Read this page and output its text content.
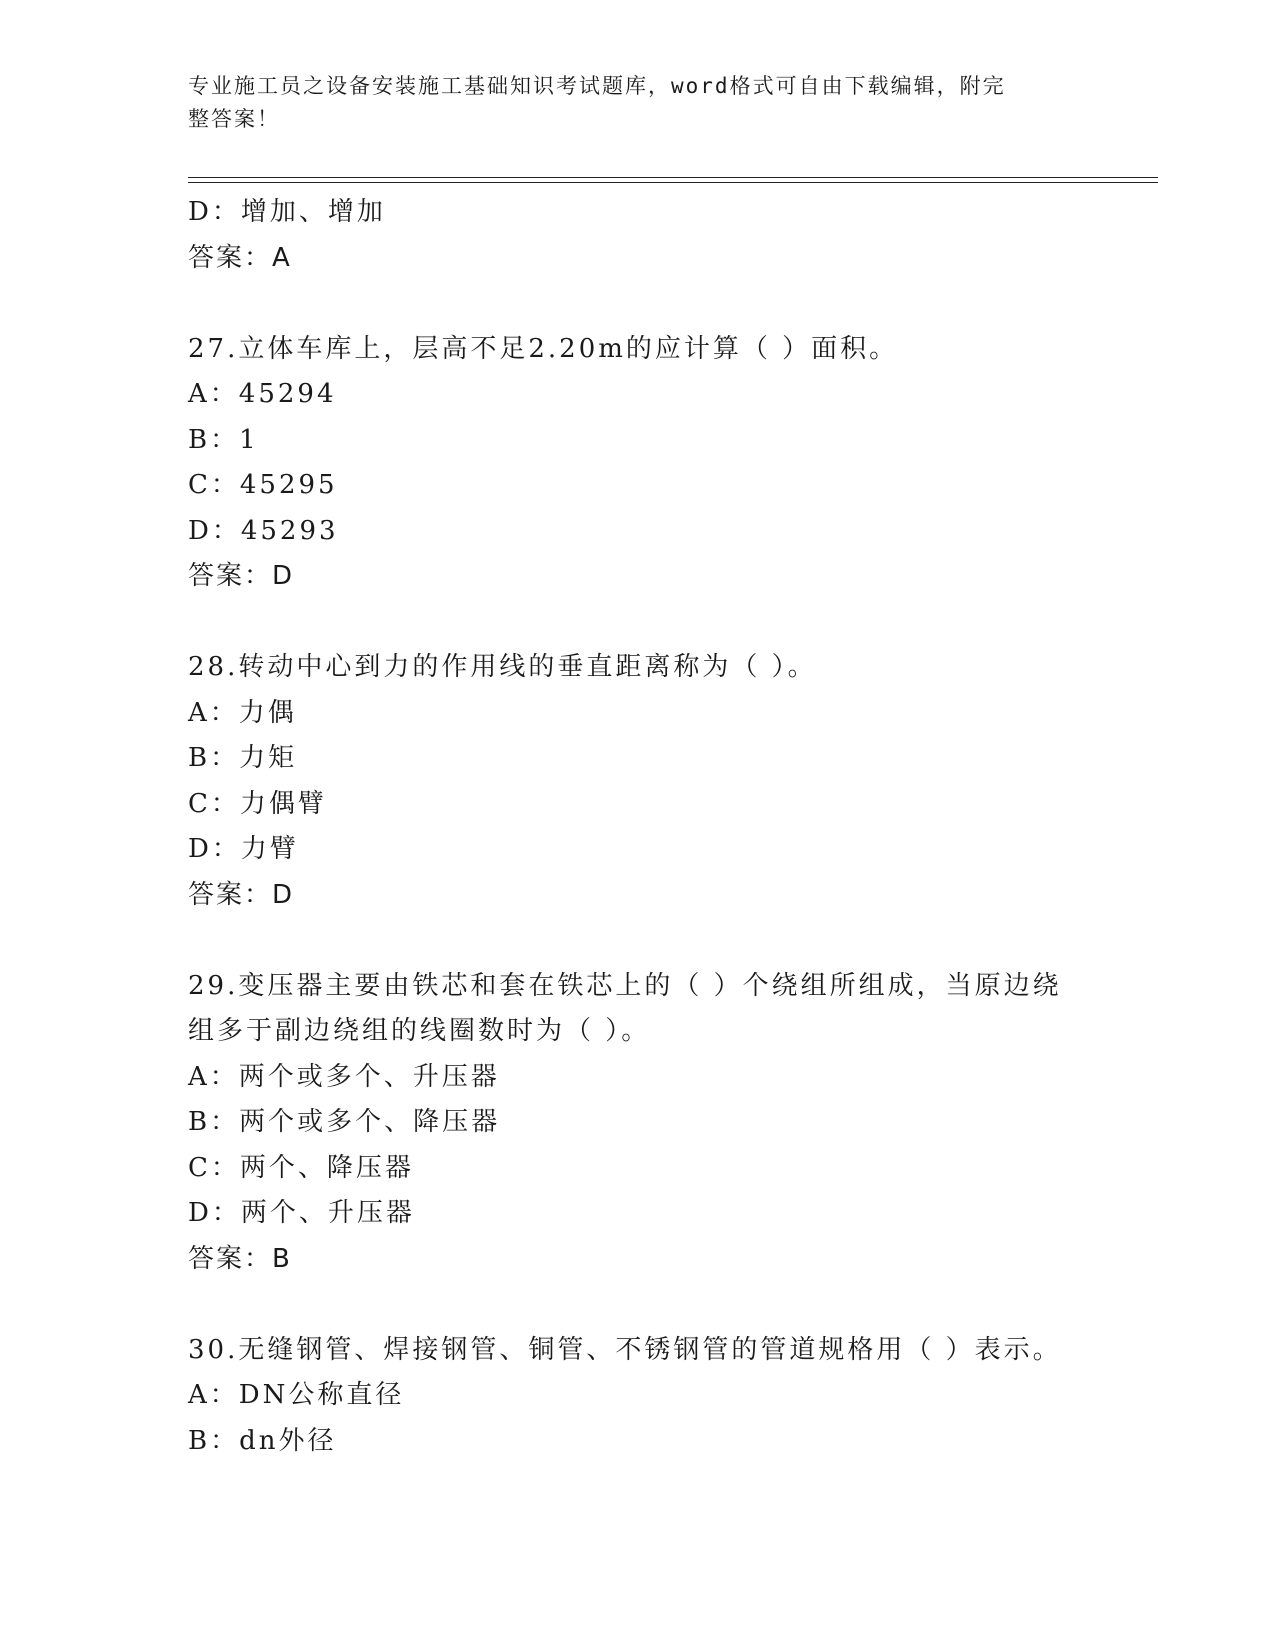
专业施工员之设备安装施工基础知识考试题库，word格式可自由下载编辑，附完
整答案！
D：增加、增加
答案：A
27.立体车库上，层高不足2.20m的应计算（ ）面积。
A：45294
B：1
C：45295
D：45293
答案：D
28.转动中心到力的作用线的垂直距离称为（ ）。
A：力偶
B：力矩
C：力偶臂
D：力臂
答案：D
29.变压器主要由铁芯和套在铁芯上的（ ）个绕组所组成，当原边绕
组多于副边绕组的线圈数时为（ ）。
A：两个或多个、升压器
B：两个或多个、降压器
C：两个、降压器
D：两个、升压器
答案：B
30.无缝钢管、焊接钢管、铜管、不锈钢管的管道规格用（ ）表示。
A：DN公称直径
B：dn外径
